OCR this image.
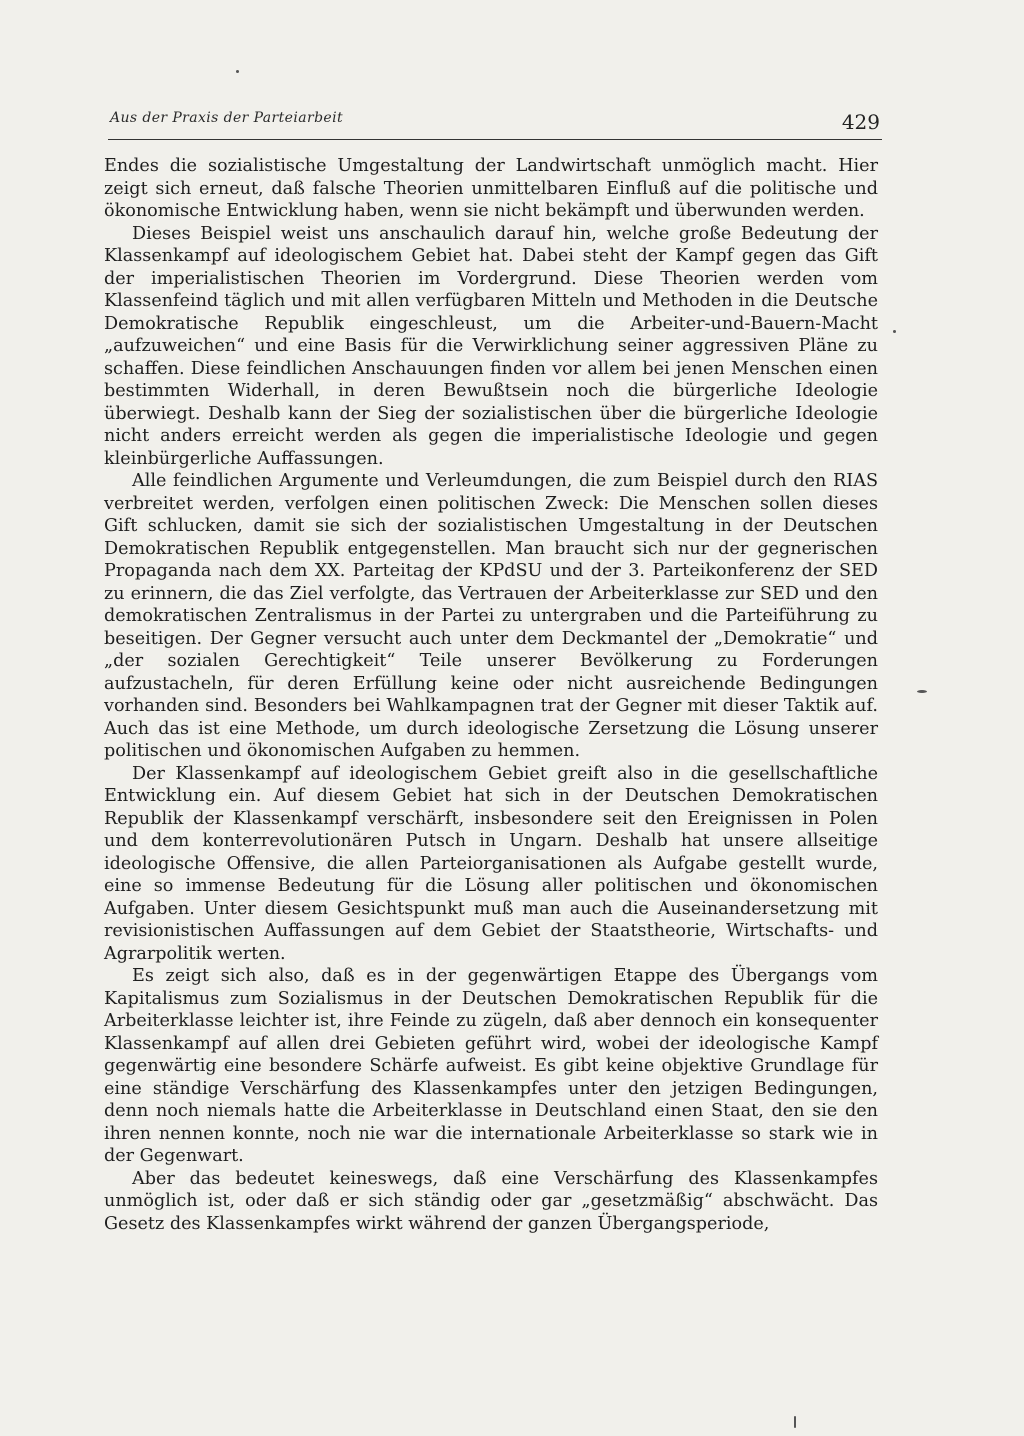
Aus der Praxis der Parteiarbeit	429

Endes die sozialistische Umgestaltung der Landwirtschaft unmöglich macht. Hier zeigt sich erneut, daß falsche Theorien unmittelbaren Einfluß auf die politische und ökonomische Entwicklung haben, wenn sie nicht bekämpft und überwunden werden.

Dieses Beispiel weist uns anschaulich darauf hin, welche große Bedeutung der Klassenkampf auf ideologischem Gebiet hat. Dabei steht der Kampf gegen das Gift der imperialistischen Theorien im Vordergrund. Diese Theorien werden vom Klassenfeind täglich und mit allen verfügbaren Mitteln und Methoden in die Deutsche Demokratische Republik eingeschleust, um die Arbeiter-und-Bauern-Macht „aufzuweichen“ und eine Basis für die Verwirklichung seiner aggressiven Pläne zu schaffen. Diese feindlichen Anschauungen finden vor allem bei jenen Menschen einen bestimmten Widerhall, in deren Bewußtsein noch die bürgerliche Ideologie überwiegt. Deshalb kann der Sieg der sozialistischen über die bürgerliche Ideologie nicht anders erreicht werden als gegen die imperialistische Ideologie und gegen kleinbürgerliche Auffassungen.

Alle feindlichen Argumente und Verleumdungen, die zum Beispiel durch den RIAS verbreitet werden, verfolgen einen politischen Zweck: Die Menschen sollen dieses Gift schlucken, damit sie sich der sozialistischen Umgestaltung in der Deutschen Demokratischen Republik entgegenstellen. Man braucht sich nur der gegnerischen Propaganda nach dem XX. Parteitag der KPdSU und der 3. Parteikonferenz der SED zu erinnern, die das Ziel verfolgte, das Vertrauen der Arbeiterklasse zur SED und den demokratischen Zentralismus in der Partei zu untergraben und die Parteiführung zu beseitigen. Der Gegner versucht auch unter dem Deckmantel der „Demokratie“ und „der sozialen Gerechtigkeit“ Teile unserer Bevölkerung zu Forderungen aufzustacheln, für deren Erfüllung keine oder nicht ausreichende Bedingungen vorhanden sind. Besonders bei Wahlkampagnen trat der Gegner mit dieser Taktik auf. Auch das ist eine Methode, um durch ideologische Zersetzung die Lösung unserer politischen und ökonomischen Aufgaben zu hemmen.

Der Klassenkampf auf ideologischem Gebiet greift also in die gesellschaftliche Entwicklung ein. Auf diesem Gebiet hat sich in der Deutschen Demokratischen Republik der Klassenkampf verschärft, insbesondere seit den Ereignissen in Polen und dem konterrevolutionären Putsch in Ungarn. Deshalb hat unsere allseitige ideologische Offensive, die allen Parteiorganisationen als Aufgabe gestellt wurde, eine so immense Bedeutung für die Lösung aller politischen und ökonomischen Aufgaben. Unter diesem Gesichtspunkt muß man auch die Auseinandersetzung mit revisionistischen Auffassungen auf dem Gebiet der Staatstheorie, Wirtschafts- und Agrarpolitik werten.

Es zeigt sich also, daß es in der gegenwärtigen Etappe des Übergangs vom Kapitalismus zum Sozialismus in der Deutschen Demokratischen Republik für die Arbeiterklasse leichter ist, ihre Feinde zu zügeln, daß aber dennoch ein konsequenter Klassenkampf auf allen drei Gebieten geführt wird, wobei der ideologische Kampf gegenwärtig eine besondere Schärfe aufweist. Es gibt keine objektive Grundlage für eine ständige Verschärfung des Klassenkampfes unter den jetzigen Bedingungen, denn noch niemals hatte die Arbeiterklasse in Deutschland einen Staat, den sie den ihren nennen konnte, noch nie war die internationale Arbeiterklasse so stark wie in der Gegenwart.

Aber das bedeutet keineswegs, daß eine Verschärfung des Klassenkampfes unmöglich ist, oder daß er sich ständig oder gar „gesetzmäßig“ abschwächt. Das Gesetz des Klassenkampfes wirkt während der ganzen Übergangsperiode,
